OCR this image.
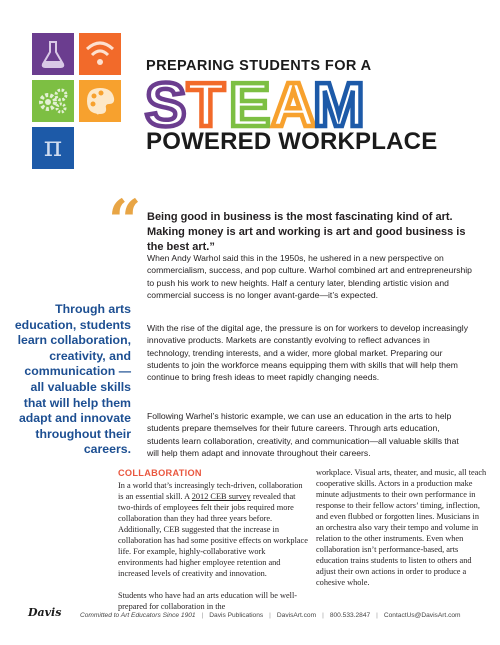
π
PREPARING STUDENTS FOR A
S T E A
M
POWERED WORKPLACE
“ Being good in business is the most fascinating kind of art. Making money is art and working is art and good business is the best art.”
When Andy Warhol said this in the 1950s, he ushered in a new perspective on commercialism, success, and pop culture. Warhol combined art and entrepreneurship to push his work to new heights. Half a century later, blending artistic vision and commercial success is no longer avant-garde—it’s expected.
With the rise of the digital age, the pressure is on for workers to develop increasingly innovative products. Markets are constantly evolving to reflect advances in technology, trending interests, and a wider, more global market. Preparing our students to join the workforce means equipping them with skills that will help them continue to bring fresh ideas to meet rapidly changing needs.
Following Warhel’s historic example, we can use an education in the arts to help students prepare themselves for their future careers. Through arts education, students learn collaboration, creativity, and communication—all valuable skills that will help them adapt and innovate throughout their careers.
Through arts education, students learn collaboration, creativity, and communication —all valuable skills that will help them adapt and innovate throughout their careers.
COLLABORATION
In a world that’s increasingly tech-driven, collaboration is an essential skill. A 2012 CEB survey revealed that two-thirds of employees felt their jobs required more collaboration than they had three years before. Additionally, CEB suggested that the increase in collaboration has had some positive effects on workplace life. For example, highly-collaborative work environments had higher employee retention and increased levels of creativity and innovation.
Students who have had an arts education will be well-prepared for collaboration in the
workplace. Visual arts, theater, and music, all teach cooperative skills. Actors in a production make minute adjustments to their own performance in response to their fellow actors’ timing, inflection, and even flubbed or forgotten lines. Musicians in an orchestra also vary their tempo and volume in relation to the other instruments. Even when collaboration isn’t performance-based, arts education trains students to listen to others and adjust their own actions in order to produce a cohesive whole.
Davis	Committed to Art Educators Since 1901 | Davis Publications | DavisArt.com | 800.533.2847 | ContactUs@DavisArt.com
